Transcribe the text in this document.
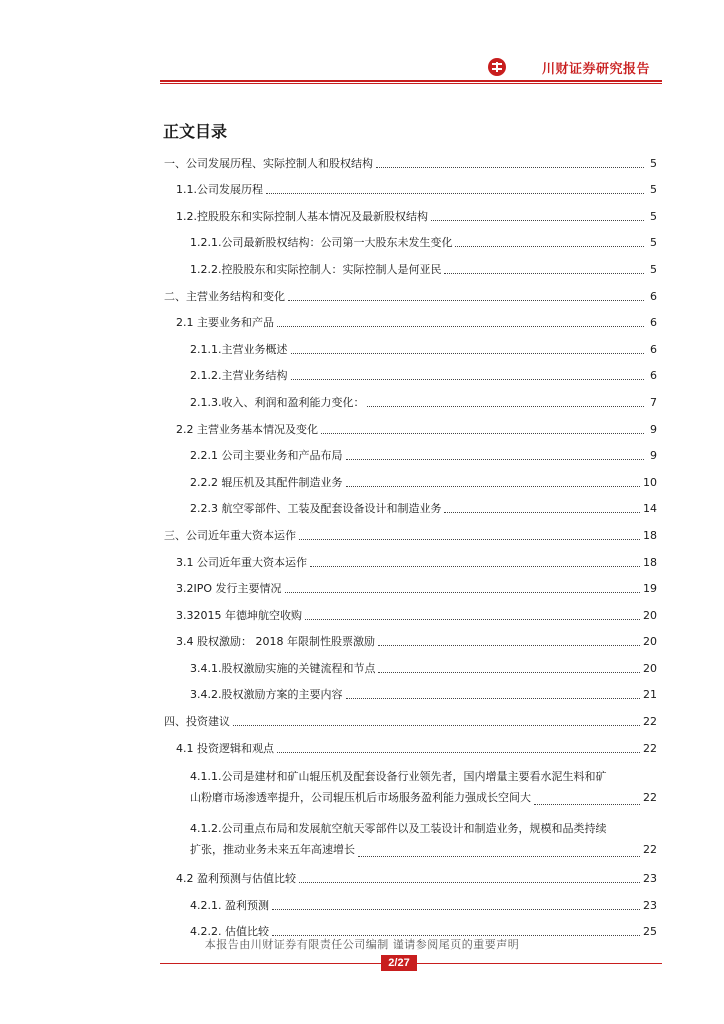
川财证券研究报告
正文目录
一、公司发展历程、实际控制人和股权结构	5
1.1.公司发展历程	5
1.2.控股股东和实际控制人基本情况及最新股权结构	5
1.2.1.公司最新股权结构：公司第一大股东未发生变化	5
1.2.2.控股股东和实际控制人：实际控制人是何亚民	5
二、主营业务结构和变化	6
2.1 主要业务和产品	6
2.1.1.主营业务概述	6
2.1.2.主营业务结构	6
2.1.3.收入、利润和盈利能力变化：	7
2.2 主营业务基本情况及变化	9
2.2.1 公司主要业务和产品布局	9
2.2.2 辊压机及其配件制造业务	10
2.2.3 航空零部件、工装及配套设备设计和制造业务	14
三、公司近年重大资本运作	18
3.1 公司近年重大资本运作	18
3.2IPO 发行主要情况	19
3.32015 年德坤航空收购	20
3.4 股权激励： 2018 年限制性股票激励	20
3.4.1.股权激励实施的关键流程和节点	20
3.4.2.股权激励方案的主要内容	21
四、投资建议	22
4.1 投资逻辑和观点	22
4.1.1.公司是建材和矿山辊压机及配套设备行业领先者，国内增量主要看水泥生料和矿
山粉磨市场渗透率提升，公司辊压机后市场服务盈利能力强成长空间大	22
4.1.2.公司重点布局和发展航空航天零部件以及工装设计和制造业务，规模和品类持续
扩张，推动业务未来五年高速增长	22
4.2 盈利预测与估值比较	23
4.2.1. 盈利预测	23
4.2.2. 估值比较	25
本报告由川财证券有限责任公司编制 谨请参阅尾页的重要声明
2/27
